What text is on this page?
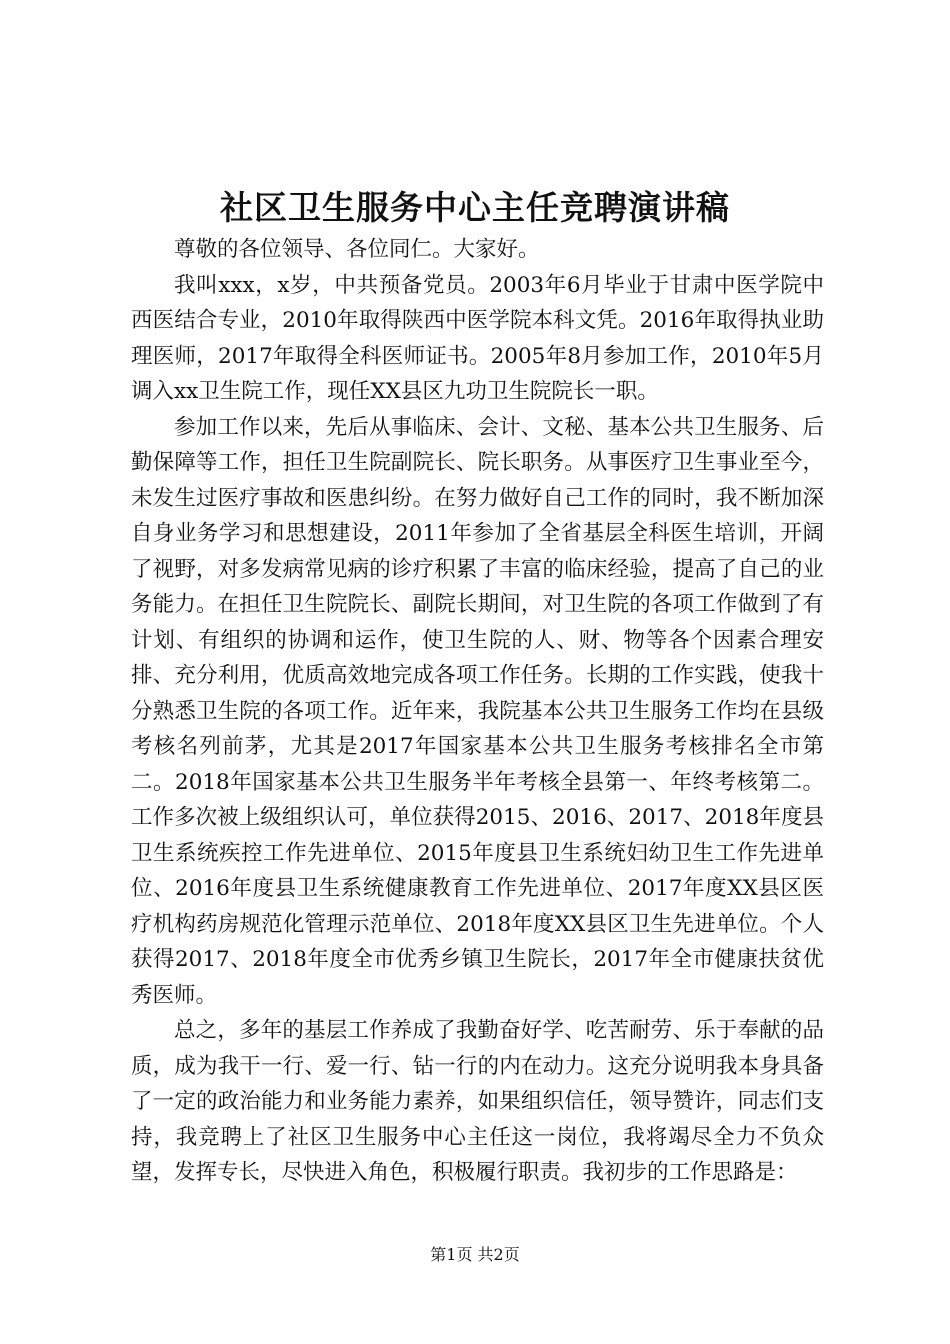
社区卫生服务中心主任竞聘演讲稿

尊敬的各位领导、各位同仁。大家好。

我叫xxx，x岁，中共预备党员。2003年6月毕业于甘肃中医学院中西医结合专业，2010年取得陕西中医学院本科文凭。2016年取得执业助理医师，2017年取得全科医师证书。2005年8月参加工作，2010年5月调入xx卫生院工作，现任XX县区九功卫生院院长一职。

参加工作以来，先后从事临床、会计、文秘、基本公共卫生服务、后勤保障等工作，担任卫生院副院长、院长职务。从事医疗卫生事业至今，未发生过医疗事故和医患纠纷。在努力做好自己工作的同时，我不断加深自身业务学习和思想建设，2011年参加了全省基层全科医生培训，开阔了视野，对多发病常见病的诊疗积累了丰富的临床经验，提高了自己的业务能力。在担任卫生院院长、副院长期间，对卫生院的各项工作做到了有计划、有组织的协调和运作，使卫生院的人、财、物等各个因素合理安排、充分利用，优质高效地完成各项工作任务。长期的工作实践，使我十分熟悉卫生院的各项工作。近年来，我院基本公共卫生服务工作均在县级考核名列前茅，尤其是2017年国家基本公共卫生服务考核排名全市第二。2018年国家基本公共卫生服务半年考核全县第一、年终考核第二。工作多次被上级组织认可，单位获得2015、2016、2017、2018年度县卫生系统疾控工作先进单位、2015年度县卫生系统妇幼卫生工作先进单位、2016年度县卫生系统健康教育工作先进单位、2017年度XX县区医疗机构药房规范化管理示范单位、2018年度XX县区卫生先进单位。个人获得2017、2018年度全市优秀乡镇卫生院长，2017年全市健康扶贫优秀医师。

总之，多年的基层工作养成了我勤奋好学、吃苦耐劳、乐于奉献的品质，成为我干一行、爱一行、钻一行的内在动力。这充分说明我本身具备了一定的政治能力和业务能力素养，如果组织信任，领导赞许，同志们支持，我竞聘上了社区卫生服务中心主任这一岗位，我将竭尽全力不负众望，发挥专长，尽快进入角色，积极履行职责。我初步的工作思路是：

第1页 共2页
